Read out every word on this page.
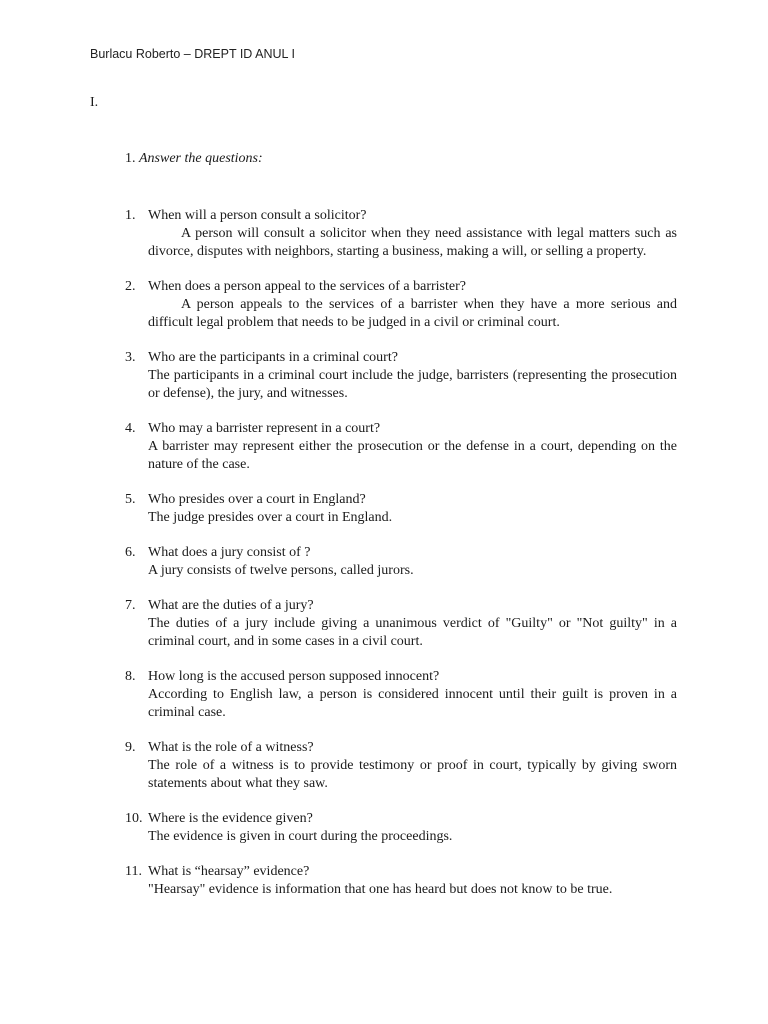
Burlacu Roberto – DREPT ID ANUL I
I.
1. Answer the questions:
1. When will a person consult a solicitor?
A person will consult a solicitor when they need assistance with legal matters such as divorce, disputes with neighbors, starting a business, making a will, or selling a property.
2. When does a person appeal to the services of a barrister?
A person appeals to the services of a barrister when they have a more serious and difficult legal problem that needs to be judged in a civil or criminal court.
3. Who are the participants in a criminal court?
The participants in a criminal court include the judge, barristers (representing the prosecution or defense), the jury, and witnesses.
4. Who may a barrister represent in a court?
A barrister may represent either the prosecution or the defense in a court, depending on the nature of the case.
5. Who presides over a court in England?
The judge presides over a court in England.
6. What does a jury consist of ?
A jury consists of twelve persons, called jurors.
7. What are the duties of a jury?
The duties of a jury include giving a unanimous verdict of "Guilty" or "Not guilty" in a criminal court, and in some cases in a civil court.
8. How long is the accused person supposed innocent?
According to English law, a person is considered innocent until their guilt is proven in a criminal case.
9. What is the role of a witness?
The role of a witness is to provide testimony or proof in court, typically by giving sworn statements about what they saw.
10. Where is the evidence given?
The evidence is given in court during the proceedings.
11. What is “hearsay” evidence?
"Hearsay" evidence is information that one has heard but does not know to be true.
